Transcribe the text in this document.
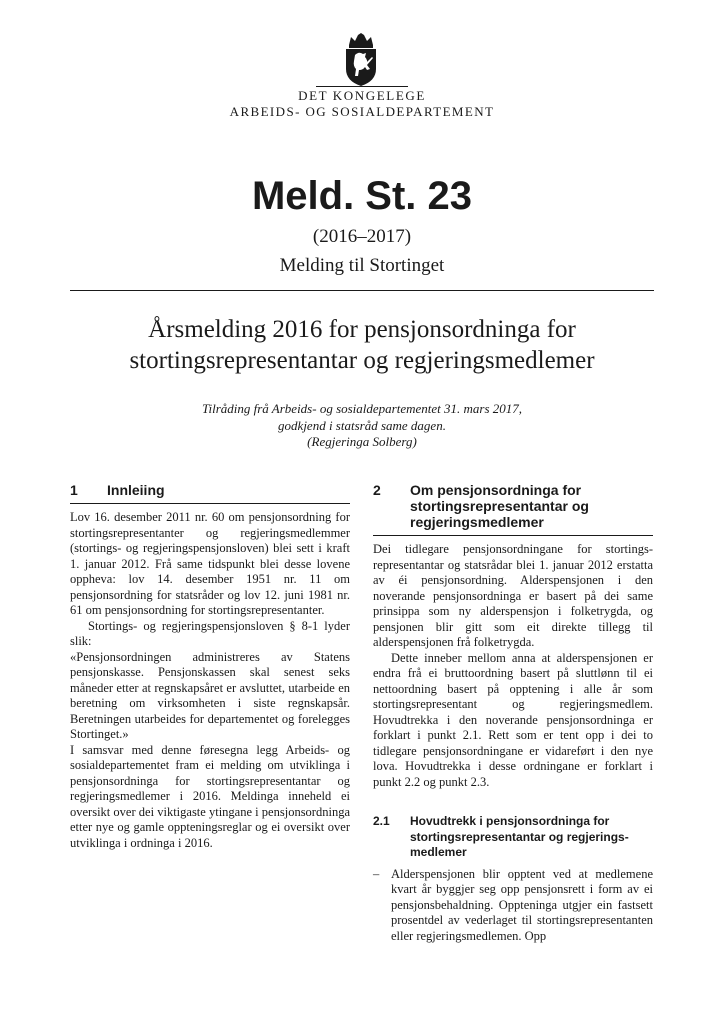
DET KONGELEGE
ARBEIDS- OG SOSIALDEPARTEMENT
Meld. St. 23
(2016–2017)
Melding til Stortinget
Årsmelding 2016 for pensjonsordninga for stortingsrepresentantar og regjeringsmedlemer
Tilråding frå Arbeids- og sosialdepartementet 31. mars 2017,
godkjend i statsråd same dagen.
(Regjeringa Solberg)
1	Innleiing

Lov 16. desember 2011 nr. 60 om pensjonsordning for stortingsrepresentanter og regjeringsmedlemmer (stortings- og regjeringspensjonsloven) blei sett i kraft 1. januar 2012. Frå same tidspunkt blei desse lovene oppheva: lov 14. desember 1951 nr. 11 om pensjonsordning for statsråder og lov 12. juni 1981 nr. 61 om pensjonsordning for stortingsrepresentanter.

Stortings- og regjeringspensjonsloven § 8-1 lyder slik:

«Pensjonsordningen administreres av Statens pensjonskasse. Pensjonskassen skal senest seks måneder etter at regnskapsåret er avsluttet, utarbeide en beretning om virksomheten i siste regnskapsår. Beretningen utarbeides for departementet og forelegges Stortinget.»

I samsvar med denne føresegna legg Arbeids- og sosialdepartementet fram ei melding om utviklinga i pensjonsordninga for stortingsrepresentantar og regjeringsmedlemer i 2016. Meldinga inneheld ei oversikt over dei viktigaste ytingane i pensjonsordninga etter nye og gamle oppteningsreglar og ei oversikt over utviklinga i ordninga i 2016.

2	Om pensjonsordninga for stortingsrepresentantar og regjeringsmedlemer

Dei tidlegare pensjonsordningane for stortingsrepresentantar og statsrådar blei 1. januar 2012 erstatta av éi pensjonsordning. Alderspensjonen i den noverande pensjonsordninga er basert på dei same prinsippa som ny alderspensjon i folketrygda, og pensjonen blir gitt som eit direkte tillegg til alderspensjonen frå folketrygda.

Dette inneber mellom anna at alderspensjonen er endra frå ei bruttoordning basert på sluttlønn til ei nettoordning basert på opptening i alle år som stortingsrepresentant og regjeringsmedlem. Hovudtrekka i den noverande pensjonsordninga er forklart i punkt 2.1. Rett som er tent opp i dei to tidlegare pensjonsordningane er vidareført i den nye lova. Hovudtrekka i desse ordningane er forklart i punkt 2.2 og punkt 2.3.

2.1	Hovudtrekk i pensjonsordninga for stortingsrepresentantar og regjeringsmedlemer
– Alderspensjonen blir opptent ved at medlemene kvart år byggjer seg opp pensjonsrett i form av ei pensjonsbehaldning. Oppteninga utgjer ein fastsett prosentdel av vederlaget til stortingsrepresentanten eller regjeringsmedlemen. Opp
